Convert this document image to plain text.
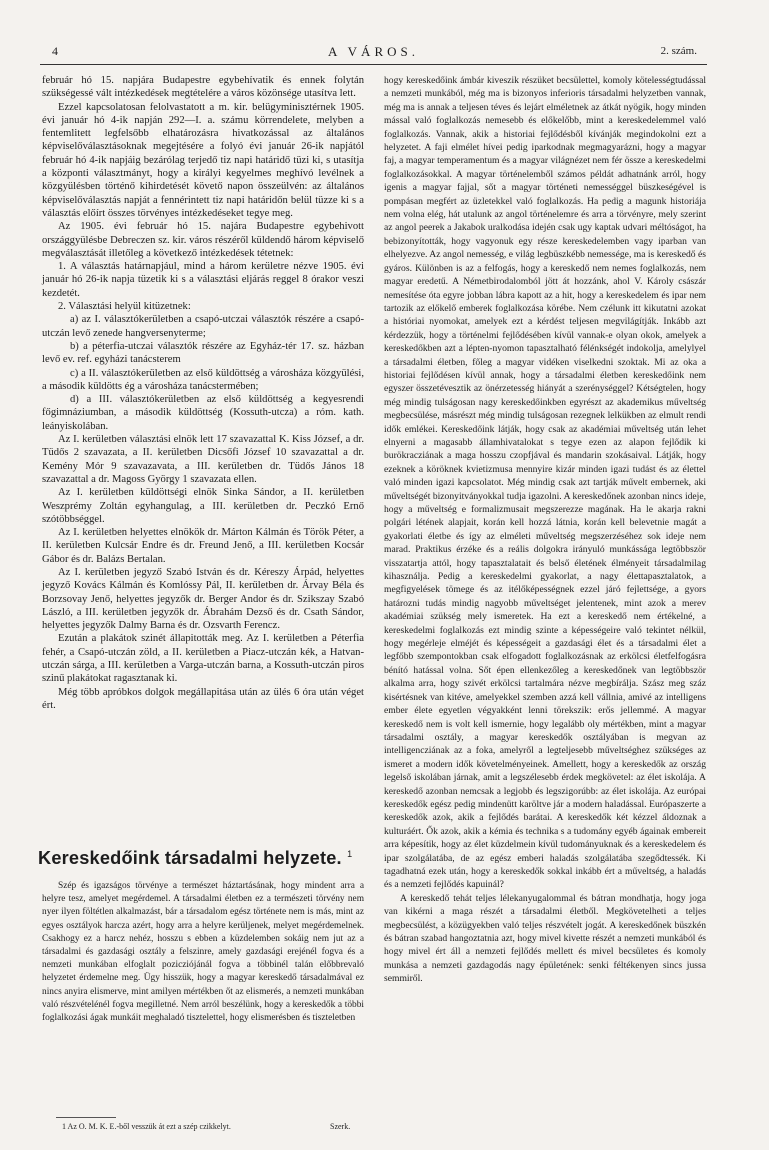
4	A VÁROS.	2. szám.

február hó 15. napjára Budapestre egybehívatik és ennek folytán szükségessé vált intézkedések megtételére a város közönsége utasítva lett.

Ezzel kapcsolatosan felolvastatott a m. kir. belügyminisztérnek 1905. évi január hó 4-ik napján 292—I. a. számu körrendelete, melyben a fentemlitett legfelsőbb elhatározásra hivatkozással az általános képviselőválasztásoknak megejtésére a folyó évi január 26-ik napjától február hó 4-ik napjáig bezárólag terjedő tiz napi határidő tüzi ki, s utasítja a központi választmányt, hogy a királyi kegyelmes meghívó levélnek a közgyülésben történő kihirdetését követő napon összeülvén: az általános képviselőválasztás napját a fennérintett tiz napi határidőn belül tüzze ki s a választás előírt összes törvényes intézkedéseket tegye meg.

Az 1905. évi február hó 15. najára Budapestre egybehivott országgyülésbe Debreczen sz. kir. város részéről küldendő három képviselő megválasztását illetőleg a következő intézkedések tétetnek:

1. A választás határnapjául, mind a három kerületre nézve 1905. évi január hó 26-ik napja tüzetik ki s a választási eljárás reggel 8 órakor veszi kezdetét.

2. Választási helyül kitüzetnek:

a) az I. választókerületben a csapó-utczai választók részére a csapó-utczán levő zenede hangversenyterme;

b) a péterfia-utczai választók részére az Egyház-tér 17. sz. házban levő ev. ref. egyházi tanácsterem

c) a II. választókerületben az első küldöttség a városháza közgyülési, a második küldötts ég a városháza tanácstermében;

d) a III. választókerületben az első küldöttség a kegyesrendi főgimnáziumban, a második küldöttség (Kossuth-utcza) a róm. kath. leányiskolában.

Az I. kerületben választási elnök lett 17 szavazattal K. Kiss József, a dr. Tüdős 2 szavazata, a II. kerületben Dicsőfi József 10 szavazattal a dr. Kemény Mór 9 szavazavata, a III. kerületben dr. Tüdős János 18 szavazattal a dr. Magoss György 1 szavazata ellen.

Az I. kerületben küldöttségi elnök Sinka Sándor, a II. kerületben Weszprémy Zoltán egyhangulag, a III. kerületben dr. Peczkó Ernő szótöbbséggel.

Az I. kerületben helyettes elnökök dr. Márton Kálmán és Török Péter, a II. kerületben Kulcsár Endre és dr. Freund Jenő, a III. kerületben Kocsár Gábor és dr. Balázs Bertalan.

Az I. kerületben jegyző Szabó István és dr. Kéreszy Árpád, helyettes jegyző Kovács Kálmán és Komlóssy Pál, II. kerületben dr. Árvay Béla és Borzsovay Jenő, helyettes jegyzők dr. Berger Andor és dr. Szikszay Szabó László, a III. kerületben jegyzők dr. Ábrahám Dezső és dr. Csath Sándor, helyettes jegyzők Dalmy Barna és dr. Ozsvarth Ferencz.

Ezután a plakátok szinét állapitották meg. Az I. kerületben a Péterfia fehér, a Csapó-utczán zöld, a II. kerületben a Piacz-utczán kék, a Hatvan-utczán sárga, a III. kerületben a Varga-utczán barna, a Kossuth-utczán piros szinű plakátokat ragasztanak ki.

Még több apróbkos dolgok megállapitása után az ülés 6 óra után véget ért.

Kereskedőink társadalmi helyzete. $^1$

Szép és igazságos törvénye a természet háztartásának, hogy mindent arra a helyre tesz, amelyet megérdemel. A társadalmi életben ez a természeti törvény nem nyer ilyen föltétlen alkalmazást, bár a társadalom egész története nem is más, mint az egyes osztályok harcza azért, hogy arra a helyre kerüljenek, melyet megérdemelnek. Csakhogy ez a harcz nehéz, hosszu s ebben a küzdelemben sokáig nem jut az a társadalmi és gazdasági osztály a felszinre, amely gazdasági erejénél fogva és a nemzeti munkában elfoglalt pozicziójánál fogva a többinél talán előbbrevaló helyzetet érdemelne meg. Ügy hisszük, hogy a magyar kereskedő társadalmával ez nincs anyira elismerve, mint amilyen mértékben őt az elismerés, a nemzeti munkában való részvételénél fogva megilletné. Nem arról beszélünk, hogy a kereskedők a többi foglalkozási ágak munkáit meghaladó tisztelettel, hogy elismerésben és tiszteletben

1 Az O. M. K. E.-ből vesszük át ezt a szép czikkelyt.	Szerk.

hogy kereskedőink ámbár kiveszik részüket becsülettel, komoly kötelességtudással a nemzeti munkából, még ma is bizonyos inferioris társadalmi helyzetben vannak, még ma is annak a teljesen téves és lejárt elméletnek az átkát nyögik, hogy minden mással való foglalkozás nemesebb és előkelőbb, mint a kereskedelemmel való foglalkozás. Vannak, akik a historiai fejlődésből kívánják megindokolni ezt a helyzetet. A faji elmélet hívei pedig iparkodnak megmagyarázni, hogy a magyar faj, a magyar temperamentum és a magyar világnézet nem fér össze a kereskedelmi foglalkozásokkal. A magyar történelemből számos példát adhatnánk arról, hogy igenis a magyar fajjal, sőt a magyar történeti nemességgel büszkeségével is pompásan megfért az üzletekkel való foglalkozás. Ha pedig a magunk historiája nem volna elég, hát utalunk az angol történelemre és arra a törvényre, mely szerint az angol peerek a Jakabok uralkodása idején csak ugy kaptak udvari méltóságot, ha bebizonyították, hogy vagyonuk egy része kereskedelemben vagy iparban van elhelyezve. Az angol nemesség, e világ legbüszkébb nemessége, ma is kereskedő és gyáros. Különben is az a felfogás, hogy a kereskedő nem nemes foglalkozás, nem magyar eredetű. A Németbirodalomból jött át hozzánk, ahol V. Károly császár nemesítése óta egyre jobban lábra kapott az a hit, hogy a kereskedelem és ipar nem tartozik az előkelő emberek foglalkozása körébe. Nem czélunk itt kikutatni azokat a históriai nyomokat, amelyek ezt a kérdést teljesen megvilágítják. Inkább azt kérdezzük, hogy a történelmi fejlődésében kívül vannak-e olyan okok, amelyek a kereskedőkben azt a lépten-nyomon tapasztalható félénkségét indokolja, amelylyel a társadalmi életben, főleg a magyar vidéken viselkedni szoktak. Mi az oka a historiai fejlődésen kívül annak, hogy a társadalmi életben kereskedőink nem egyszer összetévesztik az önérzetesség hiányát a szerénységgel? Kétségtelen, hogy még mindig tulságosan nagy kereskedőinkben egyrészt az akademikus műveltség megbecsülése, másrészt még mindig tulságosan rezegnek lelkükben az elmult rendi idők emlékei. Kereskedőink látják, hogy csak az akadémiai műveltség után lehet elnyerni a magasabb államhivatalokat s tegye ezen az alapon fejlődik ki burökracziának a maga hosszu czopfjával és mandarin szokásaival. Látják, hogy ezeknek a köröknek kvietizmusa mennyire kizár minden igazi tudást és az élettel való minden igazi kapcsolatot. Még mindig csak azt tartják művelt embernek, aki műveltségét bizonyitványokkal tudja igazolni. A kereskedőnek azonban nincs ideje, hogy a műveltség e formalizmusait megszerezze magának. Ha le akarja rakni polgári létének alapjait, korán kell hozzá látnia, korán kell belevetnie magát a gyakorlati életbe és így az elméleti műveltség megszerzéséhez sok ideje nem marad. Praktikus érzéke és a reális dolgokra irányuló munkássága legtöbbször visszatartja attól, hogy tapasztalatait és belső életének élményeit társadalmilag kihasználja. Pedig a kereskedelmi gyakorlat, a nagy élettapasztalatok, a megfigyelések tömege és az itélőképességnek ezzel járó fejlettsége, a gyors határozni tudás mindig nagyobb műveltséget jelentenek, mint azok a merev akadémiai szükség mely ismeretek. Ha ezt a kereskedő nem értékelné, a kereskedelmi foglalkozás ezt mindig szinte a képességeire való tekintet nélkül, hogy megérleje elméjét és képességeit a gazdasági élet és a társadalmi élet a legfőbb szempontokban csak elfogadott foglalkozásnak az erkölcsi életfelfogásra bénító hatással volna. Sőt épen ellenkezőleg a kereskedőnek van legtöbbször alkalma arra, hogy szivét erkölcsi tartalmára nézve megbírálja. Szász meg száz kisértésnek van kitéve, amelyekkel szemben azzá kell vállnia, amivé az intelligens ember élete egyetlen végyakként lenni törekszik: erős jellemmé. A magyar kereskedő nem is volt kell ismernie, hogy legalább oly mértékben, mint a magyar társadalmi osztály, a magyar kereskedők osztályában is megvan az intelligencziának az a foka, amelyről a legteljesebb műveltséghez szükséges az ismeret a modern idők követelményeinek. Amellett, hogy a kereskedők az ország legelső iskolában járnak, amit a legszélesebb érdek megkövetel: az élet iskolája. A kereskedő azonban nemcsak a legjobb és legszigorúbb: az élet iskolája. Az európai kereskedők egész pedig mindenütt karöltve jár a modern haladással. Európaszerte a kereskedők azok, akik a fejlődés barátai. A kereskedők két kézzel áldoznak a kulturáért. Ők azok, akik a kémia és technika s a tudomány egyéb ágainak embereit arra képesítik, hogy az élet küzdelmein kívül tudományuknak és a kereskedelem és ipar szolgálatába, de az egész emberi haladás szolgálatába szegődtessék. Ki tagadhatná ezek után, hogy a kereskedők sokkal inkább ért a műveltség, a haladás és a nemzeti fejlődés kapuinál?

A kereskedő tehát teljes lélekanyugalommal és bátran mondhatja, hogy joga van kikérni a maga részét a társadalmi életből. Megkövetelheti a teljes megbecsülést, a közügyekben való teljes részvételt jogát. A kereskedőnek büszkén és bátran szabad hangoztatnia azt, hogy mivel kivette részét a nemzeti munkából és hogy mivel ért áll a nemzeti fejlődés mellett és mivel becsületes és komoly munkása a nemzeti gazdagodás nagy épületének: senki féltékenyen sincs jussa semmiről.
